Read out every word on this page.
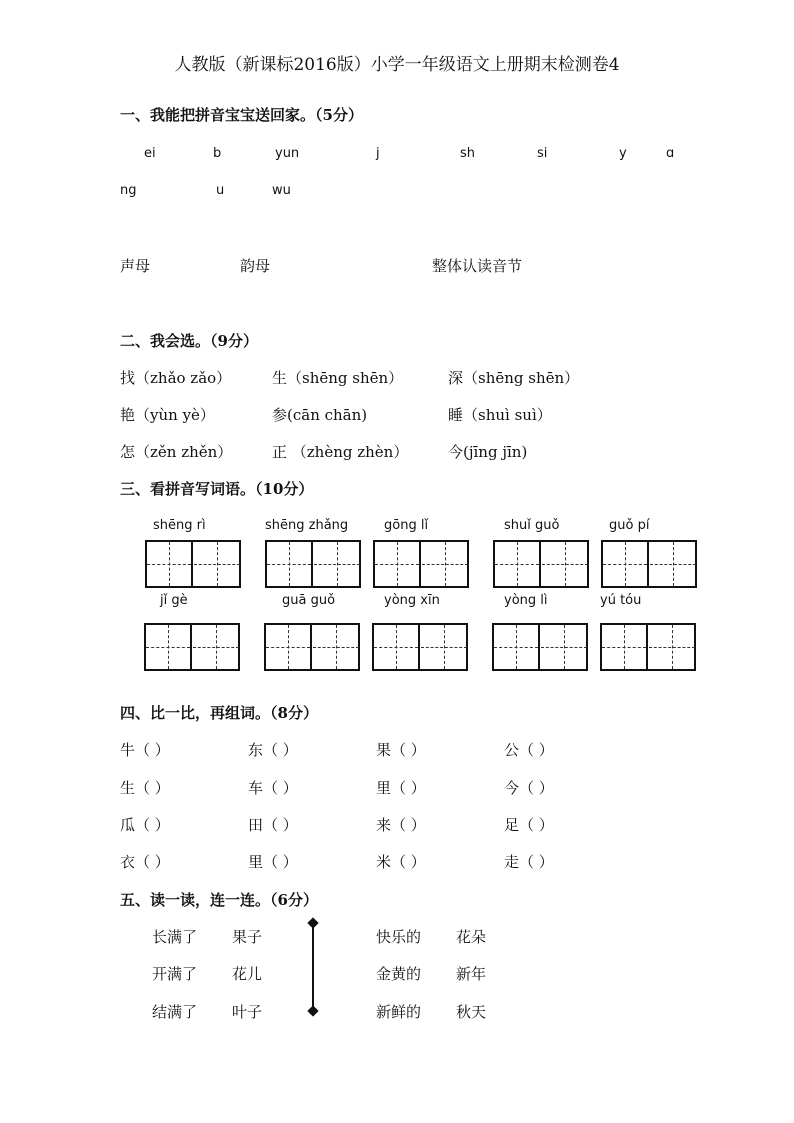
人教版（新课标2016版）小学一年级语文上册期末检测卷4
一、我能把拼音宝宝送回家。（5分）
ei	b	yun	j	sh	si	y	ɑ
ng	u	wu
声母	韵母	整体认读音节
二、我会选。（9分）
找（zhǎo zǎo）	生（shēng shēn）	深（shēng shēn）
艳（yùn yè）	参(cān chān)	睡（shuì suì）
怎（zěn zhěn）	正 （zhèng zhèn）	今(jīng jīn)
三、看拼音写词语。（10分）
shēng rì	shēng zhǎng	gōng lǐ	shuǐ guǒ	guǒ pí
jǐ gè	guā guǒ	yòng xīn	yòng lì	yú tóu
四、比一比，再组词。（8分）
牛（ ）	东（ ）	果（ ）	公（ ）
生（ ）	车（ ）	里（ ）	今（ ）
瓜（ ）	田（ ）	来（ ）	足（ ）
衣（ ）	里（ ）	米（ ）	走（ ）
五、读一读，连一连。（6分）
长满了 果子	快乐的 花朵
开满了 花儿	金黄的 新年
结满了 叶子	新鲜的 秋天
